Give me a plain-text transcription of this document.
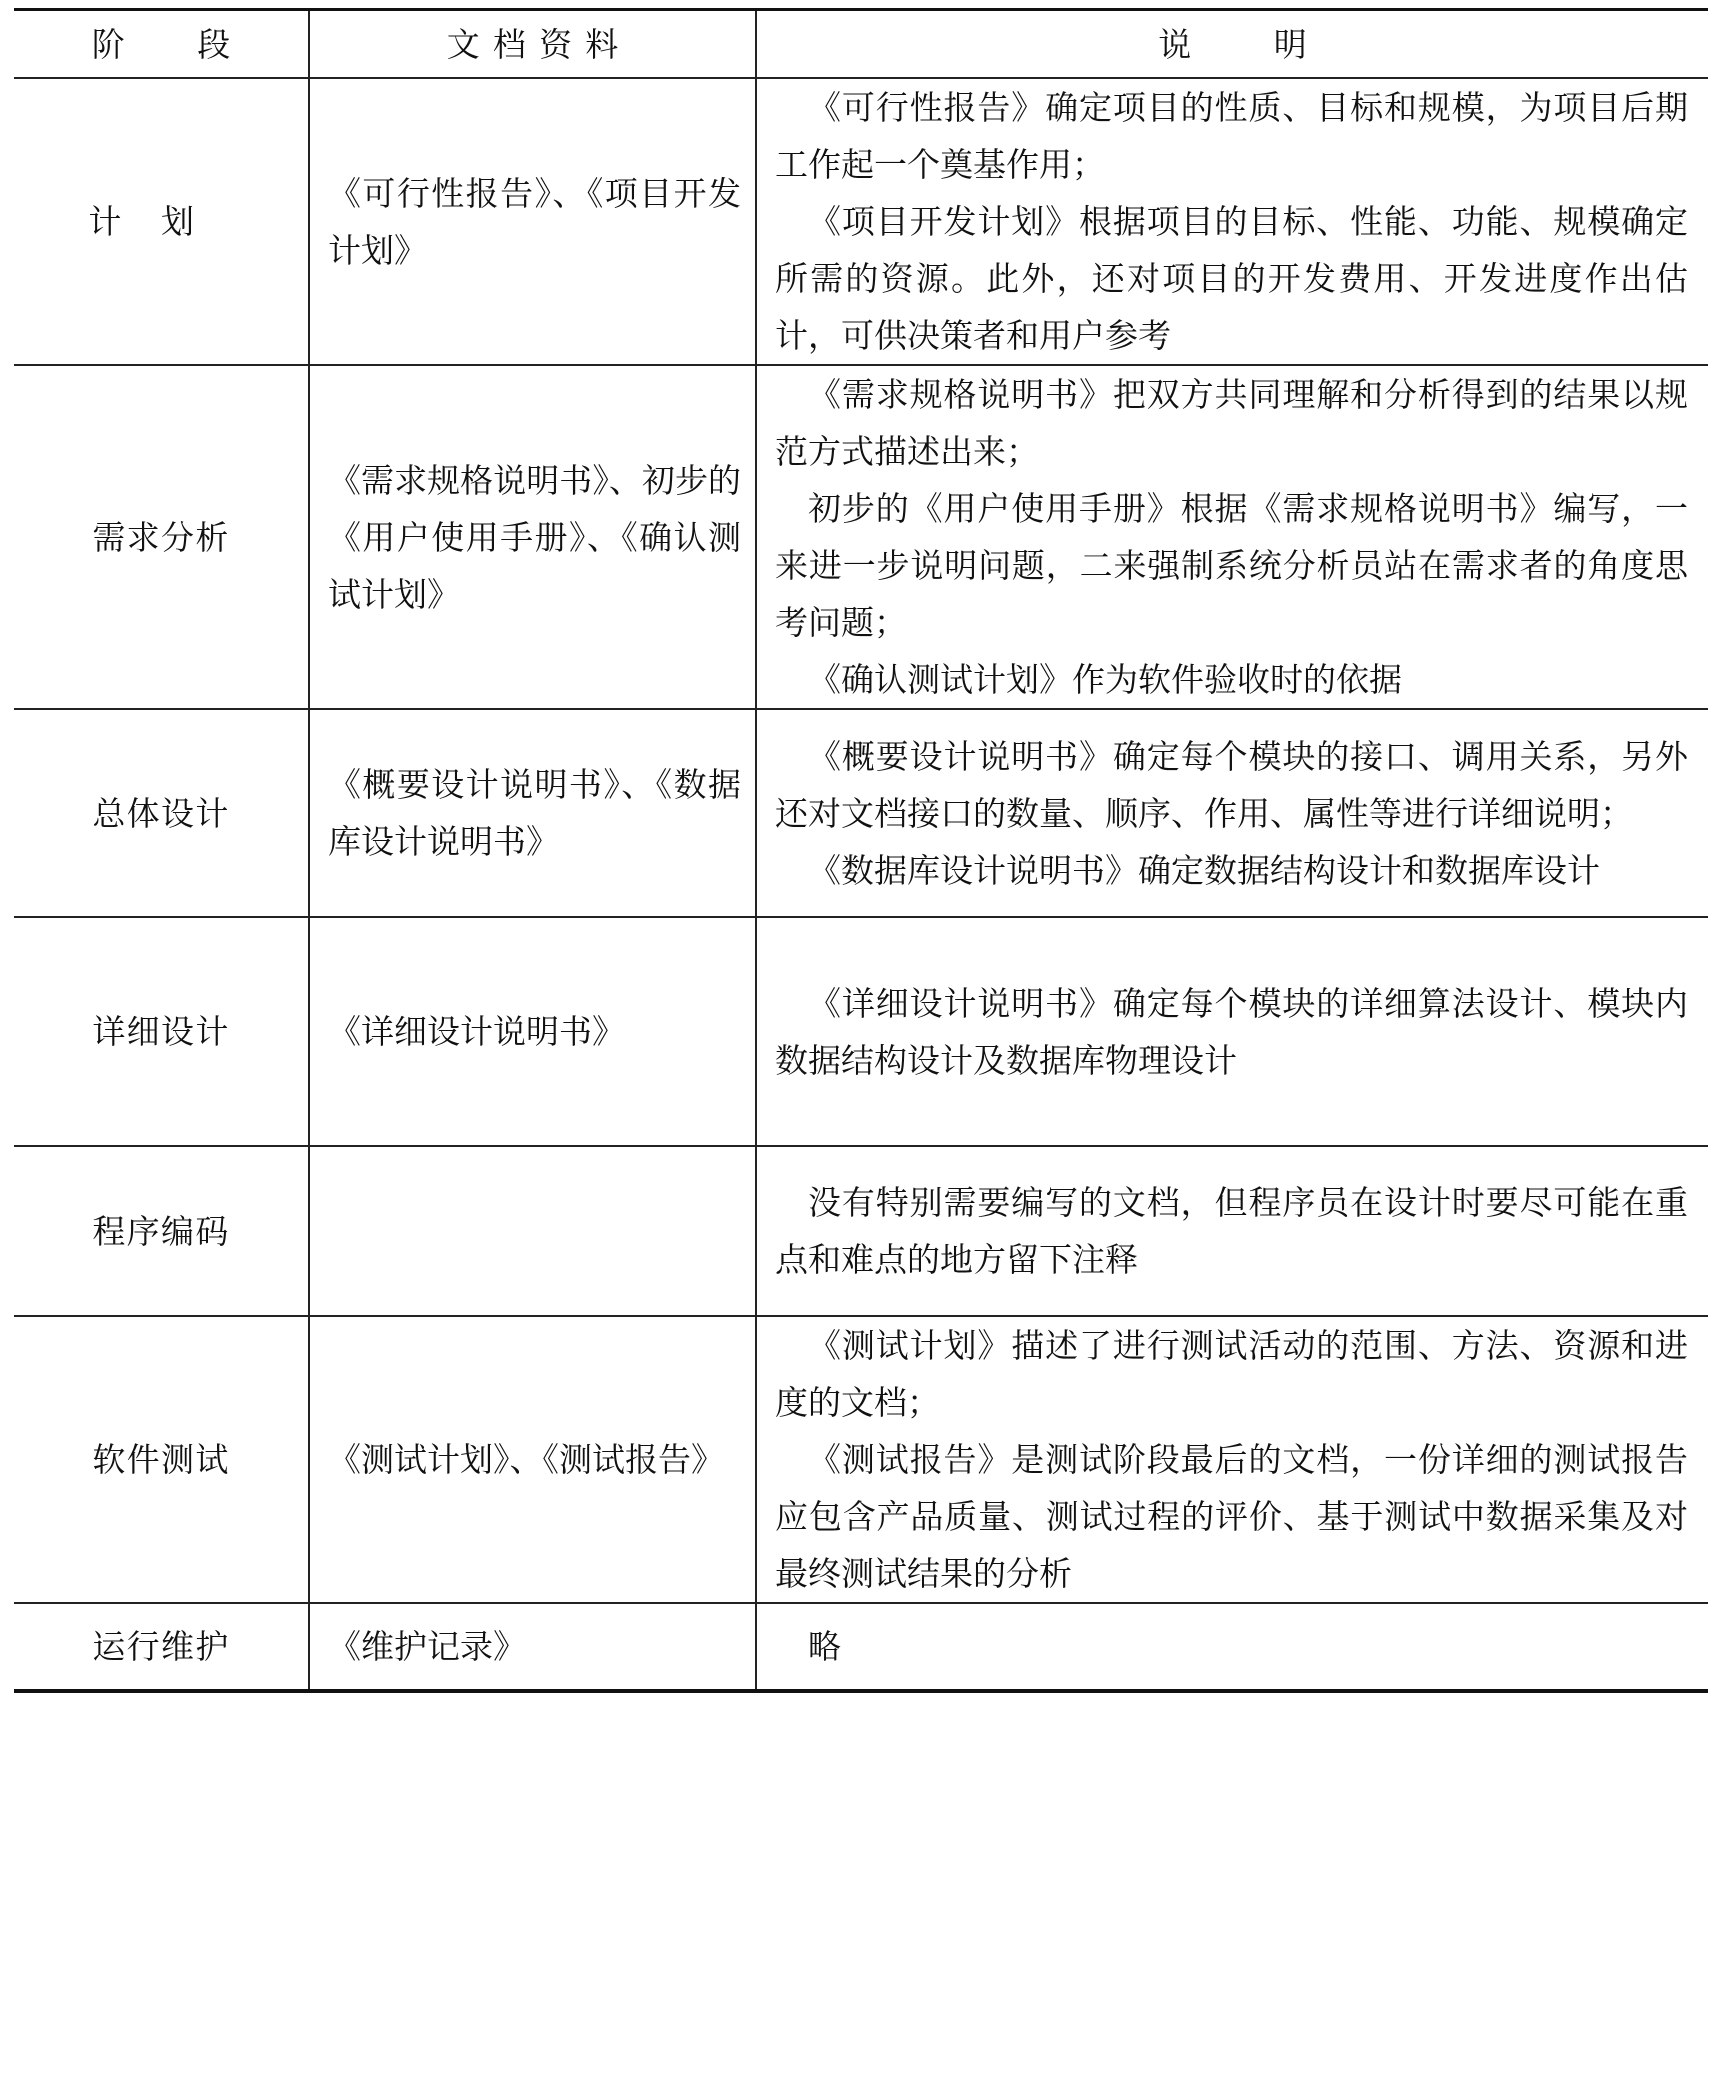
阶段	文档资料	说明
计划	《可行性报告》、《项目开发计划》	《可行性报告》确定项目的性质、目标和规模，为项目后期工作起一个奠基作用；

《项目开发计划》根据项目的目标、性能、功能、规模确定所需的资源。此外，还对项目的开发费用、开发进度作出估计，可供决策者和用户参考

需求分析	《需求规格说明书》、初步的《用户使用手册》、《确认测试计划》	《需求规格说明书》把双方共同理解和分析得到的结果以规范方式描述出来；

初步的《用户使用手册》根据《需求规格说明书》编写，一来进一步说明问题，二来强制系统分析员站在需求者的角度思考问题；

《确认测试计划》作为软件验收时的依据

总体设计	《概要设计说明书》、《数据库设计说明书》	《概要设计说明书》确定每个模块的接口、调用关系，另外还对文档接口的数量、顺序、作用、属性等进行详细说明；

《数据库设计说明书》确定数据结构设计和数据库设计

详细设计	《详细设计说明书》	《详细设计说明书》确定每个模块的详细算法设计、模块内数据结构设计及数据库物理设计

程序编码		没有特别需要编写的文档，但程序员在设计时要尽可能在重点和难点的地方留下注释

软件测试	《测试计划》、《测试报告》	《测试计划》描述了进行测试活动的范围、方法、资源和进度的文档；

《测试报告》是测试阶段最后的文档，一份详细的测试报告应包含产品质量、测试过程的评价、基于测试中数据采集及对最终测试结果的分析

运行维护	《维护记录》	略
